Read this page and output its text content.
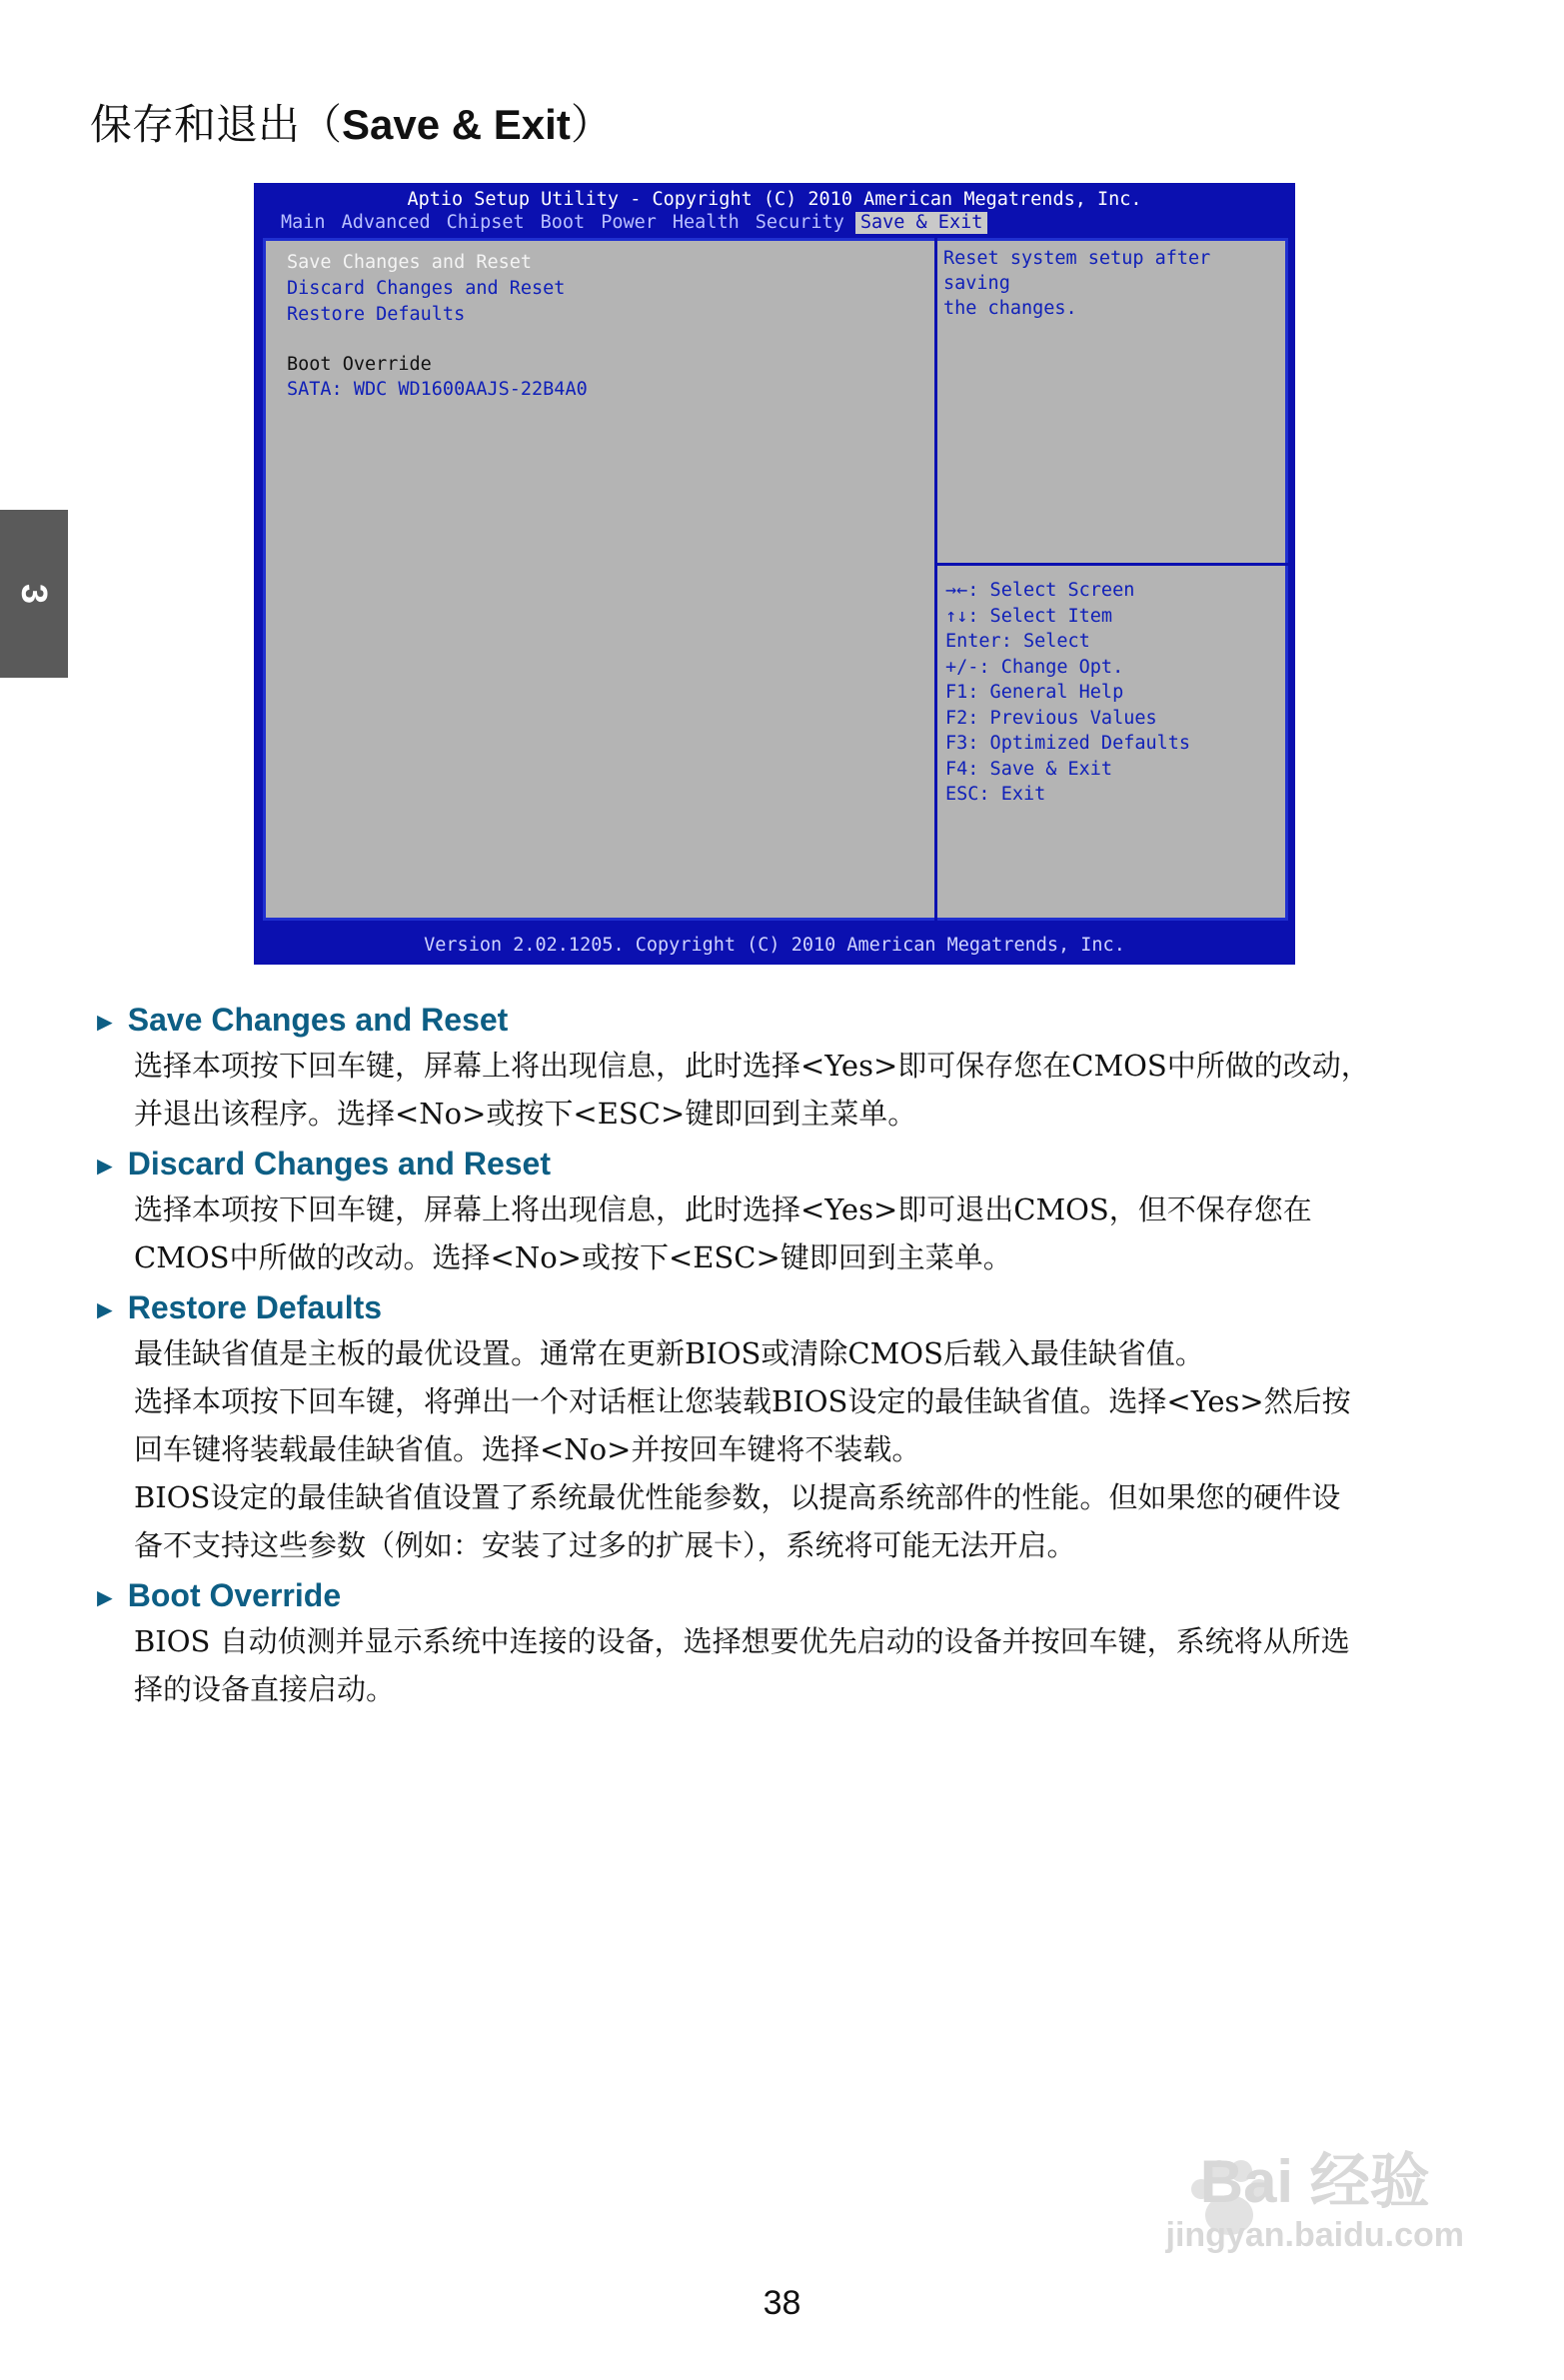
保存和退出（Save & Exit）
3
Aptio Setup Utility - Copyright (C) 2010 American Megatrends, Inc.
Main Advanced Chipset Boot Power Health Security Save & Exit
Save Changes and Reset
Discard Changes and Reset
Restore Defaults
Boot Override
SATA: WDC WD1600AAJS-22B4A0
Reset system setup after saving
the changes.
→←: Select Screen
↑↓: Select Item
Enter: Select
+/-: Change Opt.
F1: General Help
F2: Previous Values
F3: Optimized Defaults
F4: Save & Exit
ESC: Exit
Version 2.02.1205. Copyright (C) 2010 American Megatrends, Inc.
► Save Changes and Reset
选择本项按下回车键，屏幕上将出现信息，此时选择<Yes>即可保存您在CMOS中所做的改动，
并退出该程序。选择<No>或按下<ESC>键即回到主菜单。
► Discard Changes and Reset
选择本项按下回车键，屏幕上将出现信息，此时选择<Yes>即可退出CMOS，但不保存您在
CMOS中所做的改动。选择<No>或按下<ESC>键即回到主菜单。
► Restore Defaults
最佳缺省值是主板的最优设置。通常在更新BIOS或清除CMOS后载入最佳缺省值。
选择本项按下回车键，将弹出一个对话框让您装载BIOS设定的最佳缺省值。选择<Yes>然后按
回车键将装载最佳缺省值。选择<No>并按回车键将不装载。
BIOS设定的最佳缺省值设置了系统最优性能参数，以提高系统部件的性能。但如果您的硬件设
备不支持这些参数（例如：安装了过多的扩展卡），系统将可能无法开启。
► Boot Override
BIOS 自动侦测并显示系统中连接的设备，选择想要优先启动的设备并按回车键，系统将从所选
择的设备直接启动。
Bai 经验
jingyan.baidu.com
38
